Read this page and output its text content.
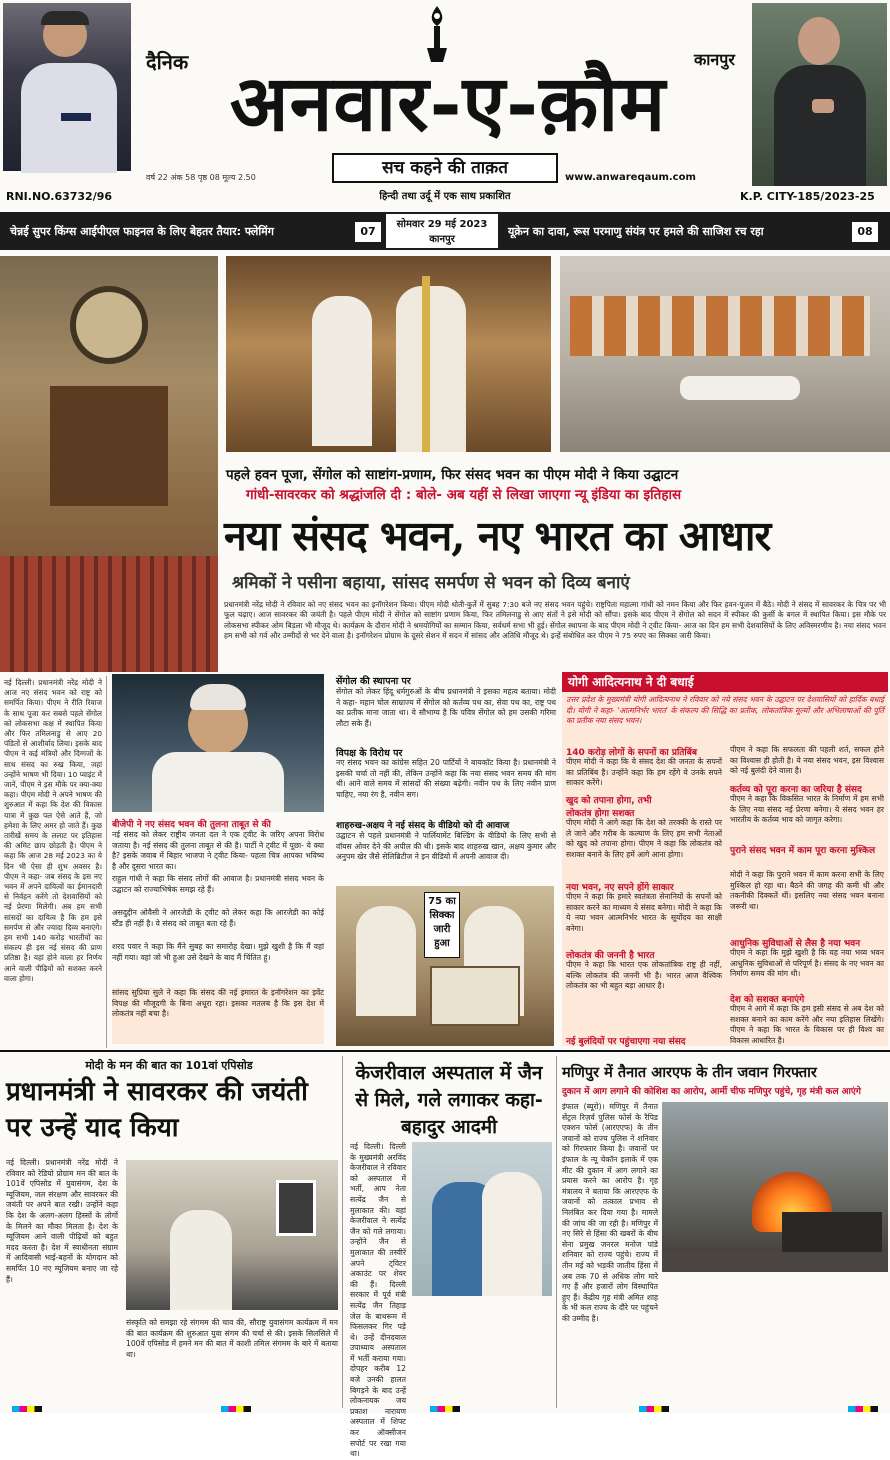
दैनिक अनवार-ए-क़ौम	कानपुर
सच कहने की ताक़त
वर्ष 22 अंक 58 पृष्ठ 08 मूल्य 2.50	www.anwareqaum.com
हिन्दी तथा उर्दू में एक साथ प्रकाशित
RNI.NO.63732/96	K.P. CITY-185/2023-25
चेन्नई सुपर किंग्स आईपीएल फाइनल के लिए बेहतर तैयार: फ्लेमिंग	07
सोमवार 29 मई 2023
कानपुर
यूक्रेन का दावा, रूस परमाणु संयंत्र पर हमले की साजिश रच रहा	08
पहले हवन पूजा, सेंगोल को साष्टांग-प्रणाम, फिर संसद भवन का पीएम मोदी ने किया उद्घाटन
गांधी-सावरकर को श्रद्धांजलि दी : बोले- अब यहीं से लिखा जाएगा न्यू इंडिया का इतिहास
नया संसद भवन, नए भारत का आधार
श्रमिकों ने पसीना बहाया, सांसद समर्पण से भवन को दिव्य बनाएं
प्रधानमंत्री नरेंद्र मोदी ने रविवार को नए संसद भवन का इनॉगरेशन किया। पीएम मोदी धोती-कुर्ते में सुबह 7:30 बजे नए संसद भवन पहुंचे। राष्ट्रपिता महात्मा गांधी को नमन किया और फिर हवन-पूजन में बैठे। मोदी ने संसद में सावरकर के चित्र पर भी फूल चढ़ाए। आज सावरकर की जयंती है। पहले पीएम मोदी ने सेंगोल को साष्टांग प्रणाम किया, फिर तमिलनाडु से आए संतों ने इसे मोदी को सौंपा। इसके बाद पीएम ने सेंगोल को सदन में स्पीकर की कुर्सी के बगल में स्थापित किया। इस मौके पर लोकसभा स्पीकर ओम बिड़ला भी मौजूद थे। कार्यक्रम के दौरान मोदी ने श्रमयोगियों का सम्मान किया, सर्वधर्म सभा भी हुई। सेंगोल स्थापना के बाद पीएम मोदी ने ट्वीट किया- आज का दिन हम सभी देशवासियों के लिए अविस्मरणीय है। नया संसद भवन हम सभी को गर्व और उम्मीदों से भर देने वाला है। इनॉगरेशन प्रोग्राम के दूसरे सेशन में सदन में सांसद और अतिथि मौजूद थे। इन्हें संबोधित कर पीएम ने 75 रुपए का सिक्का जारी किया।
नई दिल्ली। प्रधानमंत्री नरेंद्र मोदी ने आज नए संसद भवन को राष्ट्र को समर्पित किया। पीएम ने रीति रिवाज के साथ पूजा कर सबसे पहले सेंगोल को लोकसभा कक्ष में स्थापित किया और फिर तमिलनाडु से आए 20 पंडितों से आशीर्वाद लिया। इसके बाद पीएम ने कई मंत्रियों और दिग्गजों के साथ संसद का रुख किया, जहां उन्होंने भाषण भी दिया। 10 प्वाइंट में जानें, पीएम ने इस मौके पर क्या-क्या कहा। पीएम मोदी ने अपने भाषण की शुरुआत में कहा कि देश की विकास यात्रा में कुछ पल ऐसे आते हैं, जो हमेशा के लिए अमर हो जाते हैं। कुछ तारीखें समय के ललाट पर इतिहास की अमिट छाप छोड़ती है। पीएम ने कहा कि आज 28 मई 2023 का ये दिन भी ऐसा ही शुभ अवसर है। पीएम ने कहा- जब संसद के इस नए भवन में अपने दायित्वों का ईमानदारी से निर्वहन करेंगे तो देशवासियों को नई प्रेरणा मिलेगी। अब हम सभी सांसदों का दायित्व है कि हम इसे समर्पण से और ज्यादा दिव्य बनाएंगे। हम सभी 140 करोड़ भारतीयों का संकल्प ही इस नई संसद की प्राण प्रतिष्ठा है। यहां होने वाला हर निर्णय आने वाली पीढ़ियों को सशक्त करने वाला होगा।
बीजेपी ने नए संसद भवन की तुलना ताबूत से की
नई संसद को लेकर राष्ट्रीय जनता दल ने एक ट्वीट के जरिए अपना विरोध जताया है। नई संसद की तुलना ताबूत से की है। पार्टी ने ट्वीट में पूछा- ये क्या है? इसके जवाब में बिहार भाजपा ने ट्वीट किया- पहला चित्र आपका भविष्य है और दूसरा भारत का।
राहुल गांधी ने कहा कि संसद लोगों की आवाज है। प्रधानमंत्री संसद भवन के उद्घाटन को राज्याभिषेक समझ रहे हैं।
असदुद्दीन ओवैसी ने आरजेडी के ट्वीट को लेकर कहा कि आरजेडी का कोई स्टैंड ही नहीं है। वे संसद को ताबूत बता रहे हैं।
शरद पवार ने कहा कि मैंने सुबह का समारोह देखा। मुझे खुशी है कि मैं वहां नहीं गया। वहां जो भी हुआ उसे देखने के बाद मैं चिंतित हूं।
सांसद सुप्रिया सुले ने कहा कि संसद की नई इमारत के इनॉगरेशन का इवेंट विपक्ष की मौजूदगी के बिना अधूरा रहा। इसका मतलब है कि इस देश में लोकतंत्र नहीं बचा है।
सेंगोल की स्थापना पर
सेंगोल को लेकर हिंदू धर्मगुरुओं के बीच प्रधानमंत्री ने इसका महत्व बताया। मोदी ने कहा- महान चोल साम्राज्य में सेंगोल को कर्तव्य पथ का, सेवा पथ का, राष्ट्र पथ का प्रतीक माना जाता था। ये सौभाग्य है कि पवित्र सेंगोल को हम उसकी गरिमा लौटा सके हैं।
विपक्ष के विरोध पर
नए संसद भवन का कांग्रेस सहित 20 पार्टियों ने बायकॉट किया है। प्रधानमंत्री ने इसकी चर्चा तो नहीं की, लेकिन उन्होंने कहा कि नया संसद भवन समय की मांग थी। आने वाले समय में सांसदों की संख्या बढ़ेगी। नवीन पथ के लिए नवीन प्राण चाहिए, नया रंग है, नवीन सग।
शाहरुख-अक्षय ने नई संसद के वीडियो को दी आवाज
उद्घाटन से पहले प्रधानमंत्री ने पार्लियामेंट बिल्डिंग के वीडियो के लिए सभी से वॉयस ओवर देने की अपील की थी। इसके बाद शाहरुख खान, अक्षय कुमार और अनुपम खेर जैसे सेलिब्रिटीज ने इन वीडियो में अपनी आवाज दी।
75 का सिक्का जारी हुआ
योगी आदित्यनाथ ने दी बधाई
उत्तर प्रदेश के मुख्यमंत्री योगी आदित्यनाथ ने रविवार को नये संसद भवन के उद्घाटन पर देशवासियों को हार्दिक बधाई दी। योगी ने कहा- 'आत्मनिर्भर भारत' के संकल्प की सिद्धि का प्रतीक, लोकतांत्रिक मूल्यों और अभिलाषाओं की पूर्ति का प्रतीक नया संसद भवन।
140 करोड़ लोगों के सपनों का प्रतिबिंब
पीएम मोदी ने कहा कि ये संसद देश की जनता के सपनों का प्रतिबिंब है। उन्होंने कहा कि हम रहेंगे ये उनके सपने साकार करेंगे।
खुद को तपाना होगा, तभी
लोकतंत्र होगा सशक्त
पीएम मोदी ने आगे कहा कि देश को तरक्की के रास्ते पर ले जाने और गरीब के कल्याण के लिए हम सभी नेताओं को खुद को तपाना होगा। पीएम ने कहा कि लोकतंत्र को सशक्त बनाने के लिए हमें आगे आना होगा।
नया भवन, नए सपने होंगे साकार
पीएम ने कहा कि हमारे स्वतंत्रता सेनानियों के सपनों को साकार करने का माध्यम ये संसद बनेगा। मोदी ने कहा कि ये नया भवन आत्मनिर्भर भारत के सूर्योदय का साक्षी बनेगा।
लोकतंत्र की जननी है भारत
पीएम ने कहा कि भारत एक लोकतांत्रिक राष्ट्र ही नहीं, बल्कि लोकतंत्र की जननी भी है। भारत आज वैश्विक लोकतंत्र का भी बहुत बड़ा आधार है।
नई बुलंदियों पर पहुंचाएगा नया संसद
पीएम ने कहा कि सफलता की पहली शर्त, सफल होने का विश्वास ही होती है। ये नया संसद भवन, इस विश्वास को नई बुलंदी देने वाला है।
कर्तव्य को पूरा करना का जरिया है संसद
पीएम ने कहा कि विकसित भारत के निर्माण में हम सभी के लिए नया संसद नई प्रेरणा बनेगा। ये संसद भवन हर भारतीय के कर्तव्य भाव को जागृत करेगा।
पुराने संसद भवन में काम पूरा करना मुश्किल
मोदी ने कहा कि पुराने भवन में काम करना सभी के लिए मुश्किल हो रहा था। बैठने की जगह की कमी थी और तकनीकी दिक्कतें थीं। इसलिए नया संसद भवन बनाना जरूरी था।
आधुनिक सुविधाओं से लैस है नया भवन
पीएम ने कहा कि मुझे खुशी है कि यह नया भव्य भवन आधुनिक सुविधाओं से परिपूर्ण है। संसद के नए भवन का निर्माण समय की मांग थी।
देश को सशक्त बनाएंगे
पीएम ने आगे में कहा कि हम इसी संसद से अब देश को सशक्त बनाने का काम करेंगे और नया इतिहास लिखेंगे। पीएम ने कहा कि भारत के विकास पर ही विश्व का विकास आधारित है।
मोदी के मन की बात का 101वां एपिसोड
प्रधानमंत्री ने सावरकर की जयंती पर उन्हें याद किया
नई दिल्ली। प्रधानमंत्री नरेंद्र मोदी ने रविवार को रेडियो प्रोग्राम मन की बात के 101वें एपिसोड में युवासंगम, देश के म्यूजियम, जल संरक्षण और सावरकर की जयंती पर अपने बात रखी। उन्होंने कहा कि देश के अलग-अलग हिस्सों के लोगों के मिलने का मौका मिलता है। देश के म्यूजियम आने वाली पीढ़ियों को बहुत मदद करता है। देश में स्वाधीनता संग्राम में आदिवासी भाई-बहनों के योगदान को समर्पित 10 नए म्यूजियम बनाए जा रहे हैं।
संस्कृति को समझा रहे संगमम की चाव की, सौराष्ट्र युवासंगम कार्यक्रम में मन की बात कार्यक्रम की शुरुआत युवा संगम की चर्चा से की। इसके सिलसिले में 100वें एपिसोड में हमने मन की बात में काशी तमिल संगमम के बारे में बताया था।
केजरीवाल अस्पताल में जैन से मिले, गले लगाकर कहा- बहादुर आदमी
नई दिल्ली। दिल्ली के मुख्यमंत्री अरविंद केजरीवाल ने रविवार को अस्पताल में भर्ती, आप नेता सत्येंद्र जैन से मुलाकात की। यहां केजरीवाल ने सत्येंद्र जैन को गले लगाया। उन्होंने जैन से मुलाकात की तस्वीरें अपने ट्विटर अकाउंट पर शेयर की हैं। दिल्ली सरकार में पूर्व मंत्री सत्येंद्र जैन तिहाड़ जेल के बाथरूम में फिसलकर गिर पड़े थे। उन्हें दीनदयाल उपाध्याय अस्पताल में भर्ती कराया गया। दोपहर करीब 12 बजे उनकी हालत बिगड़ने के बाद उन्हें लोकनायक जय प्रकाश नारायण अस्पताल में शिफ्ट कर ऑक्सीजन सपोर्ट पर रखा गया था।
मणिपुर में तैनात आरएफ के तीन जवान गिरफ्तार
दुकान में आग लगाने की कोशिश का आरोप, आर्मी चीफ मणिपुर पहुंचे, गृह मंत्री कल आएंगे
इंफाल (ब्यूरो)। मणिपुर में तैनात सेंट्रल रिज़र्व पुलिस फोर्स के रैपिड एक्शन फोर्स (आरएएफ) के तीन जवानों को राज्य पुलिस ने शनिवार को गिरफ्तार किया है। जवानों पर इंफाल के न्यू चेकॉन इलाके में एक मीट की दुकान में आग लगाने का प्रयास करने का आरोप है। गृह मंत्रालय ने बताया कि आरएएफ के जवानों को तत्काल प्रभाव से निलंबित कर दिया गया है। मामले की जांच की जा रही है। मणिपुर में नए सिरे से हिंसा की खबरों के बीच सेना प्रमुख जनरल मनोज पांडे शनिवार को राज्य पहुंचे। राज्य में तीन मई को भड़की जातीय हिंसा में अब तक 70 से अधिक लोग मारे गए हैं और हजारों लोग विस्थापित हुए हैं। केंद्रीय गृह मंत्री अमित शाह के भी कल राज्य के दौरे पर पहुंचने की उम्मीद है।
